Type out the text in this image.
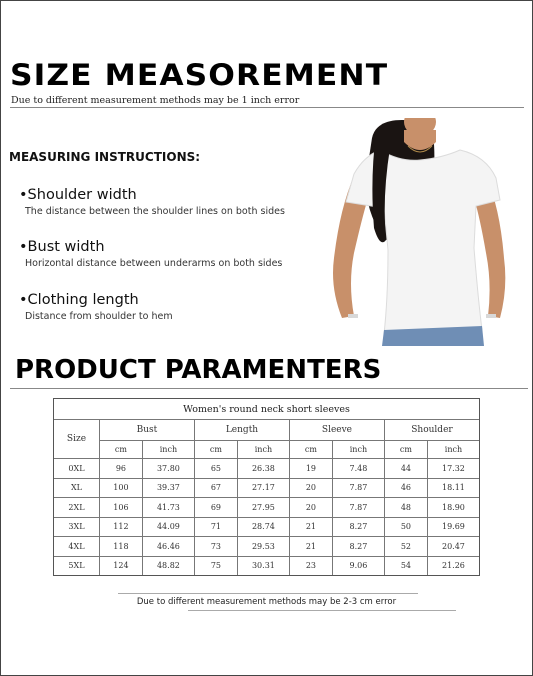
SIZE MEASOREMENT
Due to different measurement methods may be 1 inch error
MEASURING INSTRUCTIONS:
•Shoulder width
The distance between the shoulder lines on both sides
•Bust width
Horizontal distance between underarms on both sides
•Clothing length
Distance from shoulder to hem
PRODUCT PARAMENTERS
Women's round neck short sleeves								
Size	Bust		Length		Sleeve		Shoulder	
	cm	inch	cm	inch	cm	inch	cm	inch
0XL	96	37.80	65	26.38	19	7.48	44	17.32
XL	100	39.37	67	27.17	20	7.87	46	18.11
2XL	106	41.73	69	27.95	20	7.87	48	18.90
3XL	112	44.09	71	28.74	21	8.27	50	19.69
4XL	118	46.46	73	29.53	21	8.27	52	20.47
5XL	124	48.82	75	30.31	23	9.06	54	21.26
Due to different measurement methods may be 2-3 cm error
